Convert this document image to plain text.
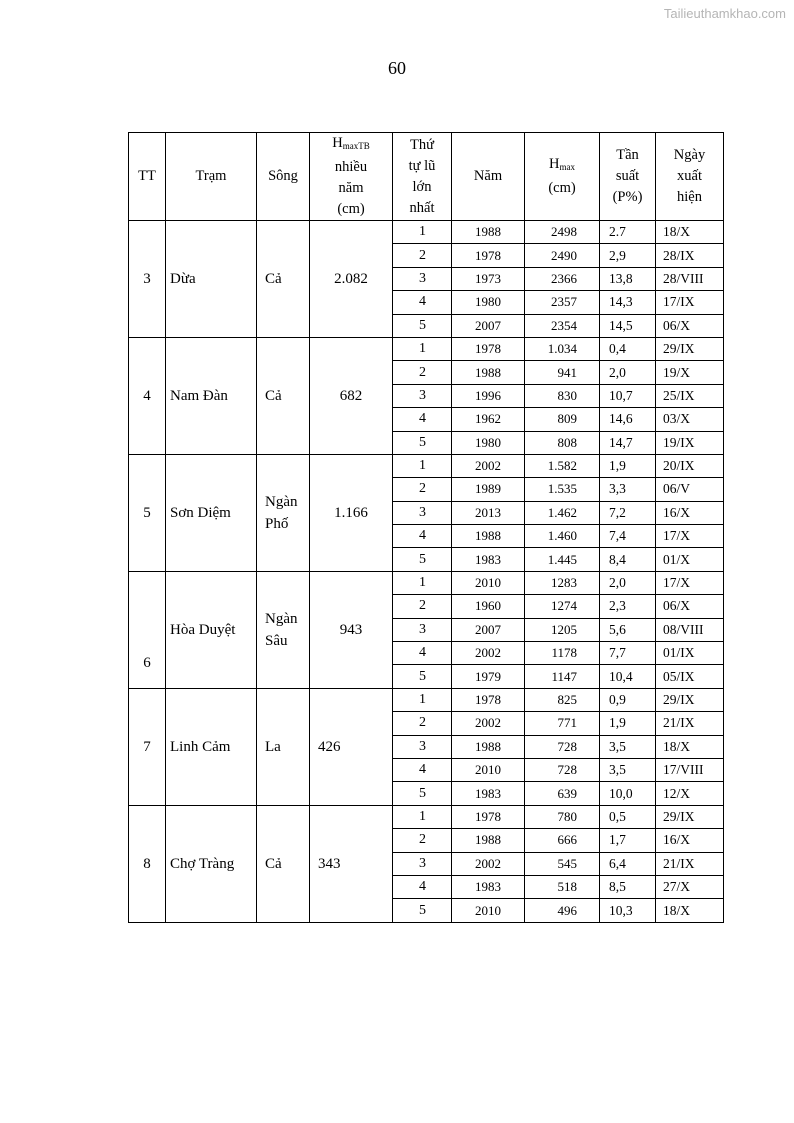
Tailieuthamkhao.com
60
TT	Trạm	Sông	$H_{maxTB}$
nhiều
năm
(cm)	Thứ
tự lũ
lớn
nhất	Năm	$H_{max}$
(cm)	Tần
suất
(P%)	Ngày
xuất
hiện
3	Dừa	Cả	2.082	1	1988	2498	2.7	18/X
				2	1978	2490	2,9	28/IX
				3	1973	2366	13,8	28/VIII
				4	1980	2357	14,3	17/IX
				5	2007	2354	14,5	06/X
4	Nam Đàn	Cả	682	1	1978	1.034	0,4	29/IX
				2	1988	941	2,0	19/X
				3	1996	830	10,7	25/IX
				4	1962	809	14,6	03/X
				5	1980	808	14,7	19/IX
5	Sơn Diệm	Ngàn
Phố	1.166	1	2002	1.582	1,9	20/IX
				2	1989	1.535	3,3	06/V
				3	2013	1.462	7,2	16/X
				4	1988	1.460	7,4	17/X
				5	1983	1.445	8,4	01/X
6	Hòa Duyệt	Ngàn
Sâu	943	1	2010	1283	2,0	17/X
				2	1960	1274	2,3	06/X
				3	2007	1205	5,6	08/VIII
				4	2002	1178	7,7	01/IX
				5	1979	1147	10,4	05/IX
7	Linh Cảm	La	426	1	1978	825	0,9	29/IX
				2	2002	771	1,9	21/IX
				3	1988	728	3,5	18/X
				4	2010	728	3,5	17/VIII
				5	1983	639	10,0	12/X
8	Chợ Tràng	Cả	343	1	1978	780	0,5	29/IX
				2	1988	666	1,7	16/X
				3	2002	545	6,4	21/IX
				4	1983	518	8,5	27/X
				5	2010	496	10,3	18/X
